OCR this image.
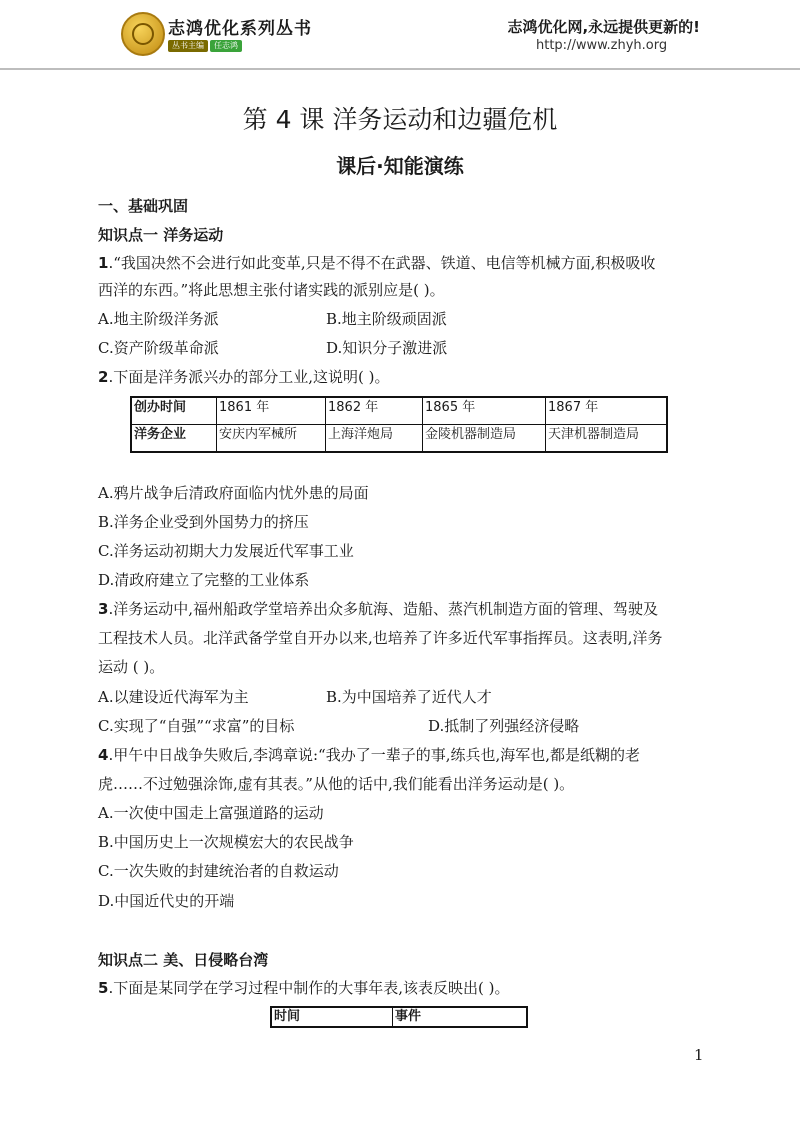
志鸿优化系列丛书
丛书主编	任志鸿
志鸿优化网,永远提供更新的!
http://www.zhyh.org
第 4 课 洋务运动和边疆危机
课后·知能演练
一、基础巩固
知识点一 洋务运动
1.“我国决然不会进行如此变革,只是不得不在武器、铁道、电信等机械方面,积极吸收
西洋的东西。”将此思想主张付诸实践的派别应是( )。
A.地主阶级洋务派	B.地主阶级顽固派
C.资产阶级革命派	D.知识分子激进派
2.下面是洋务派兴办的部分工业,这说明( )。
创办时间	1861 年	1862 年	1865 年	1867 年
洋务企业	安庆内军械所	上海洋炮局	金陵机器制造局	天津机器制造局
A.鸦片战争后清政府面临内忧外患的局面
B.洋务企业受到外国势力的挤压
C.洋务运动初期大力发展近代军事工业
D.清政府建立了完整的工业体系
3.洋务运动中,福州船政学堂培养出众多航海、造船、蒸汽机制造方面的管理、驾驶及
工程技术人员。北洋武备学堂自开办以来,也培养了许多近代军事指挥员。这表明,洋务
运动 ( )。
A.以建设近代海军为主	B.为中国培养了近代人才
C.实现了“自强”“求富”的目标	D.抵制了列强经济侵略
4.甲午中日战争失败后,李鸿章说:“我办了一辈子的事,练兵也,海军也,都是纸糊的老
虎……不过勉强涂饰,虚有其表。”从他的话中,我们能看出洋务运动是( )。
A.一次使中国走上富强道路的运动
B.中国历史上一次规模宏大的农民战争
C.一次失败的封建统治者的自救运动
D.中国近代史的开端
知识点二 美、日侵略台湾
5.下面是某同学在学习过程中制作的大事年表,该表反映出( )。
时间	事件
1
